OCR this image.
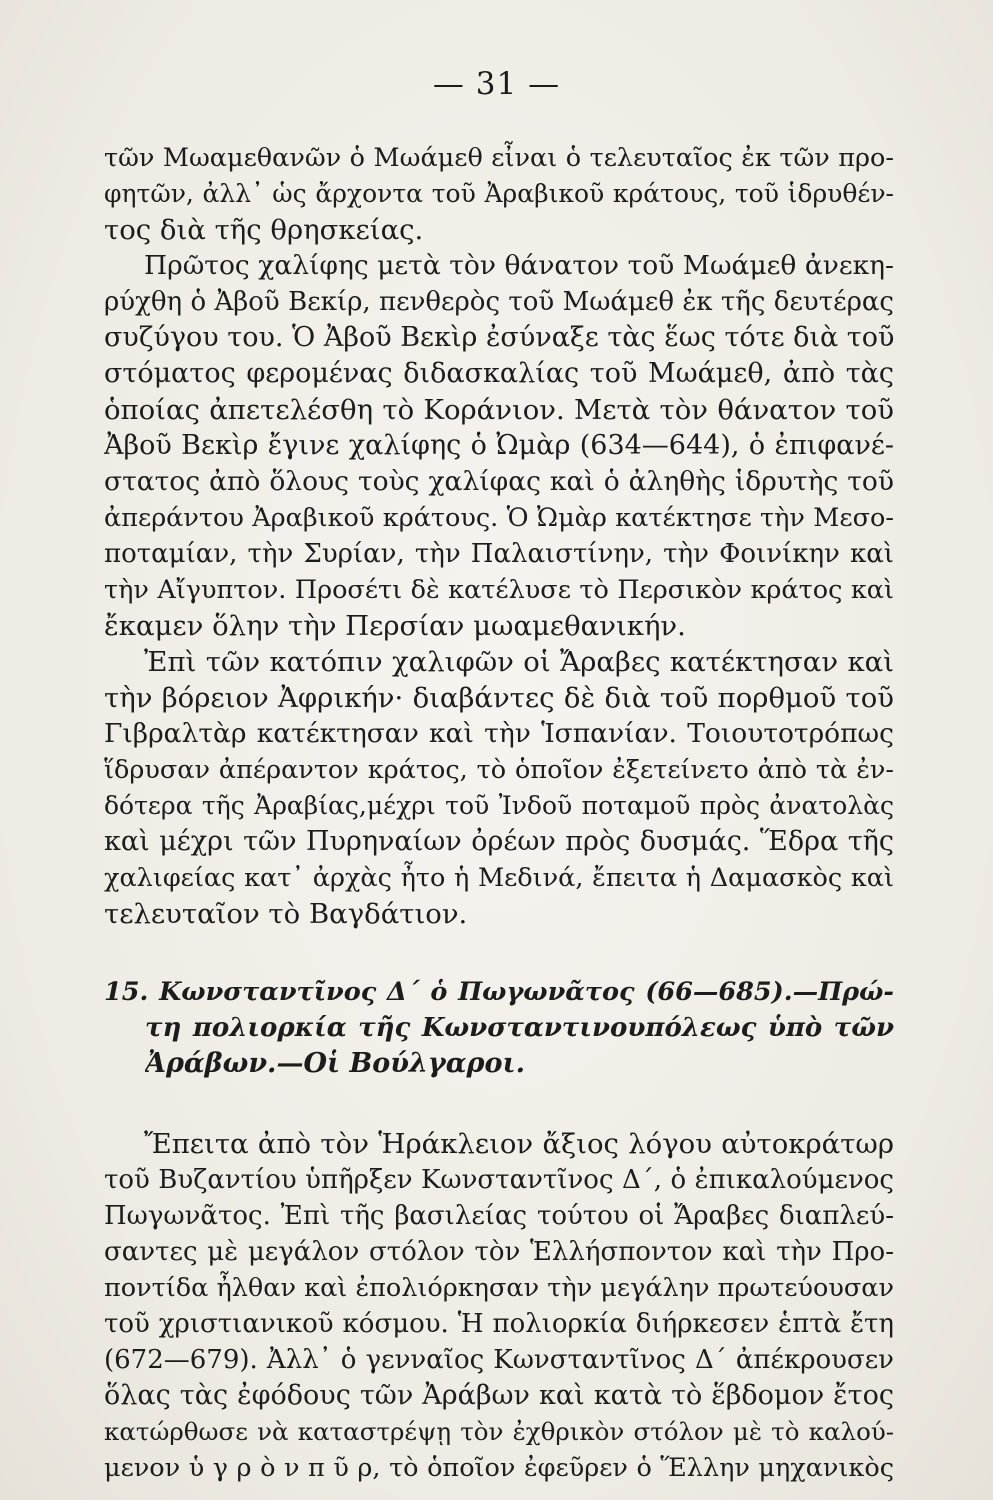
— 31 —
τῶν Μωαμεθανῶν ὁ Μωάμεθ εἶναι ὁ τελευταῖος ἐκ τῶν προ-
φητῶν, ἀλλ᾽ ὡς ἄρχοντα τοῦ Ἀραβικοῦ κράτους, τοῦ ἱδρυθέν-
τος διὰ τῆς θρησκείας.
Πρῶτος χαλίφης μετὰ τὸν θάνατον τοῦ Μωάμεθ ἀνεκη-
ρύχθη ὁ Ἀβοῦ Βεκίρ, πενθερὸς τοῦ Μωάμεθ ἐκ τῆς δευτέρας
συζύγου του. Ὁ Ἀβοῦ Βεκὶρ ἐσύναξε τὰς ἕως τότε διὰ τοῦ
στόματος φερομένας διδασκαλίας τοῦ Μωάμεθ, ἀπὸ τὰς
ὁποίας ἀπετελέσθη τὸ Κοράνιον. Μετὰ τὸν θάνατον τοῦ
Ἀβοῦ Βεκὶρ ἔγινε χαλίφης ὁ Ὠμὰρ (634—644), ὁ ἐπιφανέ-
στατος ἀπὸ ὅλους τοὺς χαλίφας καὶ ὁ ἀληθὴς ἱδρυτὴς τοῦ
ἀπεράντου Ἀραβικοῦ κράτους. Ὁ Ὠμὰρ κατέκτησε τὴν Μεσο-
ποταμίαν, τὴν Συρίαν, τὴν Παλαιστίνην, τὴν Φοινίκην καὶ
τὴν Αἴγυπτον. Προσέτι δὲ κατέλυσε τὸ Περσικὸν κράτος καὶ
ἔκαμεν ὅλην τὴν Περσίαν μωαμεθανικήν.
Ἐπὶ τῶν κατόπιν χαλιφῶν οἱ Ἄραβες κατέκτησαν καὶ
τὴν βόρειον Ἀφρικήν· διαβάντες δὲ διὰ τοῦ πορθμοῦ τοῦ
Γιβραλτὰρ κατέκτησαν καὶ τὴν Ἱσπανίαν. Τοιουτοτρόπως
ἵδρυσαν ἀπέραντον κράτος, τὸ ὁποῖον ἐξετείνετο ἀπὸ τὰ ἐν-
δότερα τῆς Ἀραβίας,μέχρι τοῦ Ἰνδοῦ ποταμοῦ πρὸς ἀνατολὰς
καὶ μέχρι τῶν Πυρηναίων ὀρέων πρὸς δυσμάς. Ἕδρα τῆς
χαλιφείας κατ᾽ ἀρχὰς ἦτο ἡ Μεδινά, ἔπειτα ἡ Δαμασκὸς καὶ
τελευταῖον τὸ Βαγδάτιον.
15. Κωνσταντῖνος Δ´ ὁ Πωγωνᾶτος (66—685).—Πρώ-
τη πολιορκία τῆς Κωνσταντινουπόλεως ὑπὸ τῶν
Ἀράβων.—Οἱ Βούλγαροι.
Ἔπειτα ἀπὸ τὸν Ἡράκλειον ἄξιος λόγου αὐτοκράτωρ
τοῦ Βυζαντίου ὑπῆρξεν Κωνσταντῖνος Δ´, ὁ ἐπικαλούμενος
Πωγωνᾶτος. Ἐπὶ τῆς βασιλείας τούτου οἱ Ἄραβες διαπλεύ-
σαντες μὲ μεγάλον στόλον τὸν Ἑλλήσποντον καὶ τὴν Προ-
ποντίδα ἦλθαν καὶ ἐπολιόρκησαν τὴν μεγάλην πρωτεύουσαν
τοῦ χριστιανικοῦ κόσμου. Ἡ πολιορκία διήρκεσεν ἑπτὰ ἔτη
(672—679). Ἀλλ᾽ ὁ γενναῖος Κωνσταντῖνος Δ´ ἀπέκρουσεν
ὅλας τὰς ἐφόδους τῶν Ἀράβων καὶ κατὰ τὸ ἕβδομον ἔτος
κατώρθωσε νὰ καταστρέψῃ τὸν ἐχθρικὸν στόλον μὲ τὸ καλού-
μενον ὑ γ ρ ὸ ν π ῦ ρ, τὸ ὁποῖον ἐφεῦρεν ὁ Ἕλλην μηχανικὸς
